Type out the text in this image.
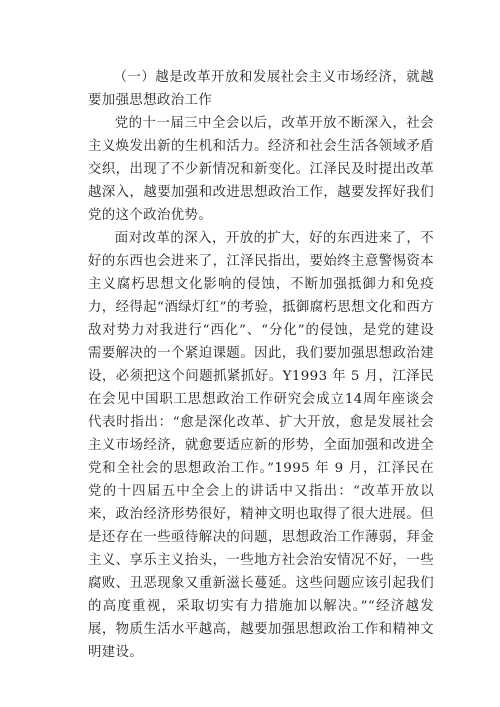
（一）越是改革开放和发展社会主义市场经济，就越要加强思想政治工作

党的十一届三中全会以后，改革开放不断深入，社会主义焕发出新的生机和活力。经济和社会生活各领域矛盾交织，出现了不少新情况和新变化。江泽民及时提出改革越深入，越要加强和改进思想政治工作，越要发挥好我们党的这个政治优势。

面对改革的深入，开放的扩大，好的东西进来了，不好的东西也会进来了，江泽民指出，要始终主意警惕资本主义腐朽思想文化影响的侵蚀，不断加强抵御力和免疫力，经得起“酒绿灯红”的考验，抵御腐朽思想文化和西方敌对势力对我进行“西化”、“分化”的侵蚀，是党的建设需要解决的一个紧迫课题。因此，我们要加强思想政治建设，必须把这个问题抓紧抓好。Y1993 年 5 月，江泽民在会见中国职工思想政治工作研究会成立14周年座谈会代表时指出：“愈是深化改革、扩大开放，愈是发展社会主义市场经济，就愈要适应新的形势，全面加强和改进全党和全社会的思想政治工作。”1995 年 9 月，江泽民在党的十四届五中全会上的讲话中又指出：“改革开放以来，政治经济形势很好，精神文明也取得了很大进展。但是还存在一些亟待解决的问题，思想政治工作薄弱，拜金主义、享乐主义抬头，一些地方社会治安情况不好，一些腐败、丑恶现象又重新滋长蔓延。这些问题应该引起我们的高度重视，采取切实有力措施加以解决。”“经济越发展，物质生活水平越高，越要加强思想政治工作和精神文明建设。
